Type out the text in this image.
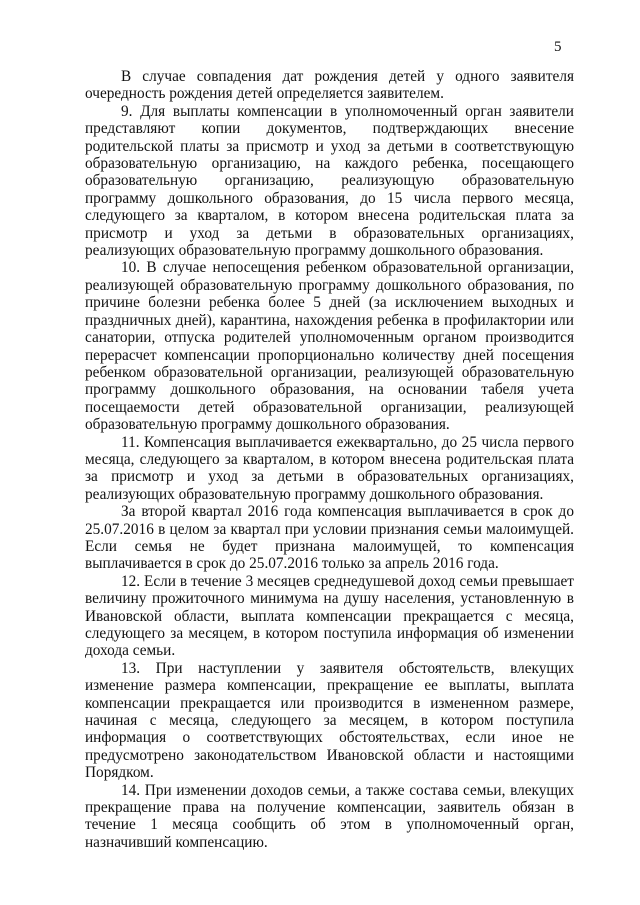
5

В случае совпадения дат рождения детей у одного заявителя очередность рождения детей определяется заявителем.

9. Для выплаты компенсации в уполномоченный орган заявители представляют копии документов, подтверждающих внесение родительской платы за присмотр и уход за детьми в соответствующую образовательную организацию, на каждого ребенка, посещающего образовательную организацию, реализующую образовательную программу дошкольного образования, до 15 числа первого месяца, следующего за кварталом, в котором внесена родительская плата за присмотр и уход за детьми в образовательных организациях, реализующих образовательную программу дошкольного образования.

10. В случае непосещения ребенком образовательной организации, реализующей образовательную программу дошкольного образования, по причине болезни ребенка более 5 дней (за исключением выходных и праздничных дней), карантина, нахождения ребенка в профилактории или санатории, отпуска родителей уполномоченным органом производится перерасчет компенсации пропорционально количеству дней посещения ребенком образовательной организации, реализующей образовательную программу дошкольного образования, на основании табеля учета посещаемости детей образовательной организации, реализующей образовательную программу дошкольного образования.

11. Компенсация выплачивается ежеквартально, до 25 числа первого месяца, следующего за кварталом, в котором внесена родительская плата за присмотр и уход за детьми в образовательных организациях, реализующих образовательную программу дошкольного образования.

За второй квартал 2016 года компенсация выплачивается в срок до 25.07.2016 в целом за квартал при условии признания семьи малоимущей. Если семья не будет признана малоимущей, то компенсация выплачивается в срок до 25.07.2016 только за апрель 2016 года.

12. Если в течение 3 месяцев среднедушевой доход семьи превышает величину прожиточного минимума на душу населения, установленную в Ивановской области, выплата компенсации прекращается с месяца, следующего за месяцем, в котором поступила информация об изменении дохода семьи.

13. При наступлении у заявителя обстоятельств, влекущих изменение размера компенсации, прекращение ее выплаты, выплата компенсации прекращается или производится в измененном размере, начиная с месяца, следующего за месяцем, в котором поступила информация о соответствующих обстоятельствах, если иное не предусмотрено законодательством Ивановской области и настоящими Порядком.

14. При изменении доходов семьи, а также состава семьи, влекущих прекращение права на получение компенсации, заявитель обязан в течение 1 месяца сообщить об этом в уполномоченный орган, назначивший компенсацию.
